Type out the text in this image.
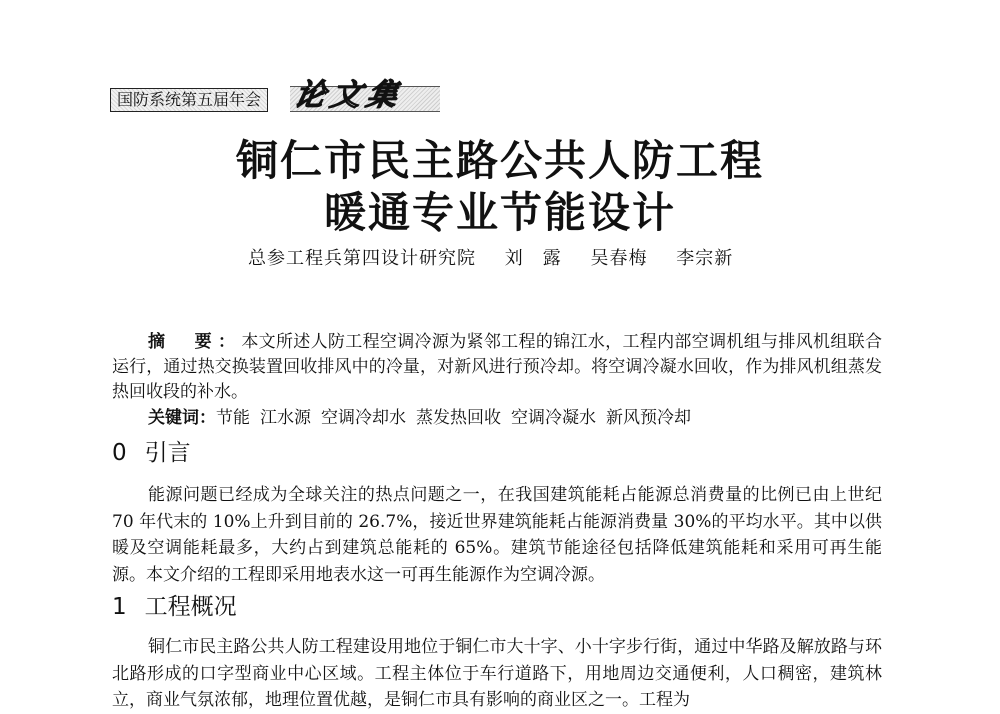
国防系统第五届年会 论文集
铜仁市民主路公共人防工程
暖通专业节能设计
总参工程兵第四设计研究院 刘　露 吴春梅 李宗新

摘　要：本文所述人防工程空调冷源为紧邻工程的锦江水，工程内部空调机组与排风机组联合运行，通过热交换装置回收排风中的冷量，对新风进行预冷却。将空调冷凝水回收，作为排风机组蒸发热回收段的补水。

关键词：节能 江水源 空调冷却水 蒸发热回收 空调冷凝水 新风预冷却

0 引言

能源问题已经成为全球关注的热点问题之一，在我国建筑能耗占能源总消费量的比例已由上世纪 70 年代末的 10%上升到目前的 26.7%，接近世界建筑能耗占能源消费量 30%的平均水平。其中以供暖及空调能耗最多，大约占到建筑总能耗的 65%。建筑节能途径包括降低建筑能耗和采用可再生能源。本文介绍的工程即采用地表水这一可再生能源作为空调冷源。

1 工程概况

铜仁市民主路公共人防工程建设用地位于铜仁市大十字、小十字步行街，通过中华路及解放路与环北路形成的口字型商业中心区域。工程主体位于车行道路下，用地周边交通便利，人口稠密，建筑林立，商业气氛浓郁，地理位置优越，是铜仁市具有影响的商业区之一。工程为
